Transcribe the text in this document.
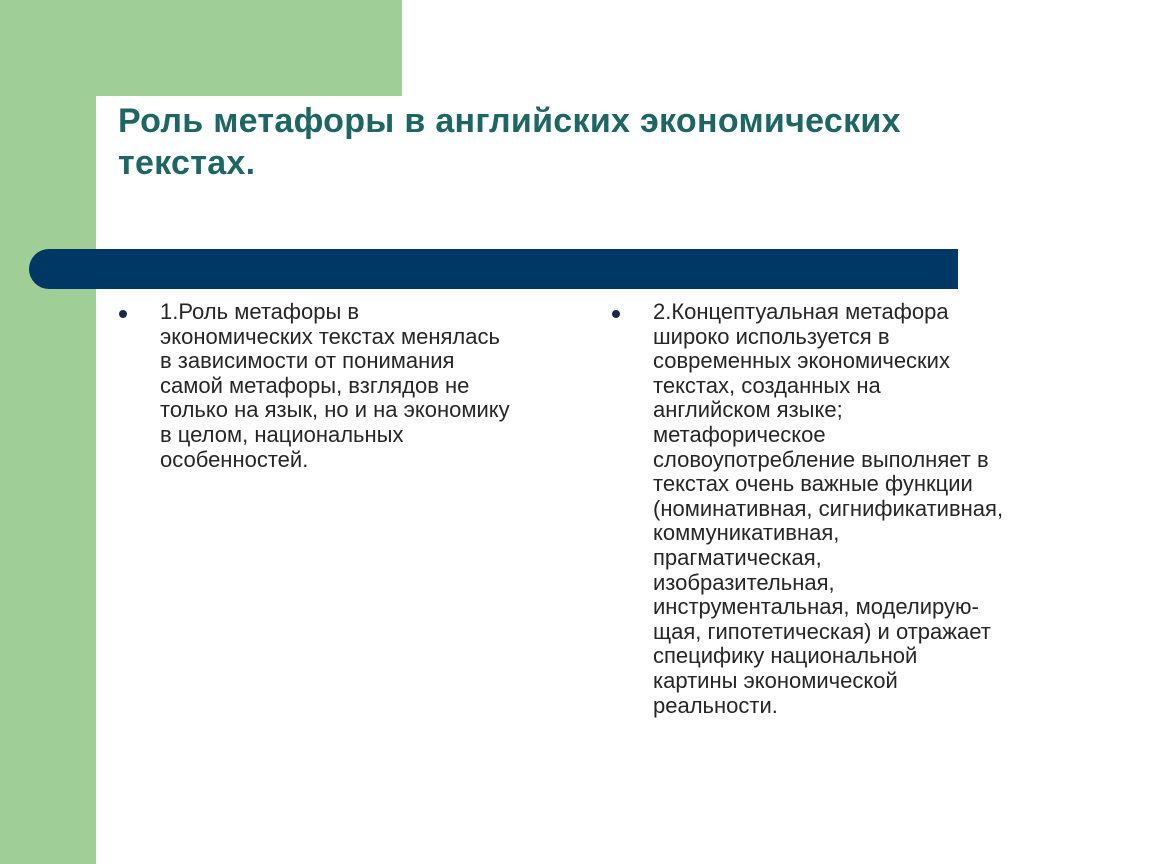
Роль метафоры в английских экономических
текстах.
1.Роль метафоры в
экономических текстах менялась
в зависимости от понимания
самой метафоры, взглядов не
только на язык, но и на экономику
в целом, национальных
особенностей.
2.Концептуальная метафора
широко используется в
современных экономических
текстах, созданных на
английском языке;
метафорическое
словоупотребление выполняет в
текстах очень важные функции
(номинативная, сигнификативная,
коммуникативная,
прагматическая,
изобразительная,
инструментальная, моделирую-
щая, гипотетическая) и отражает
специфику национальной
картины экономической
реальности.
